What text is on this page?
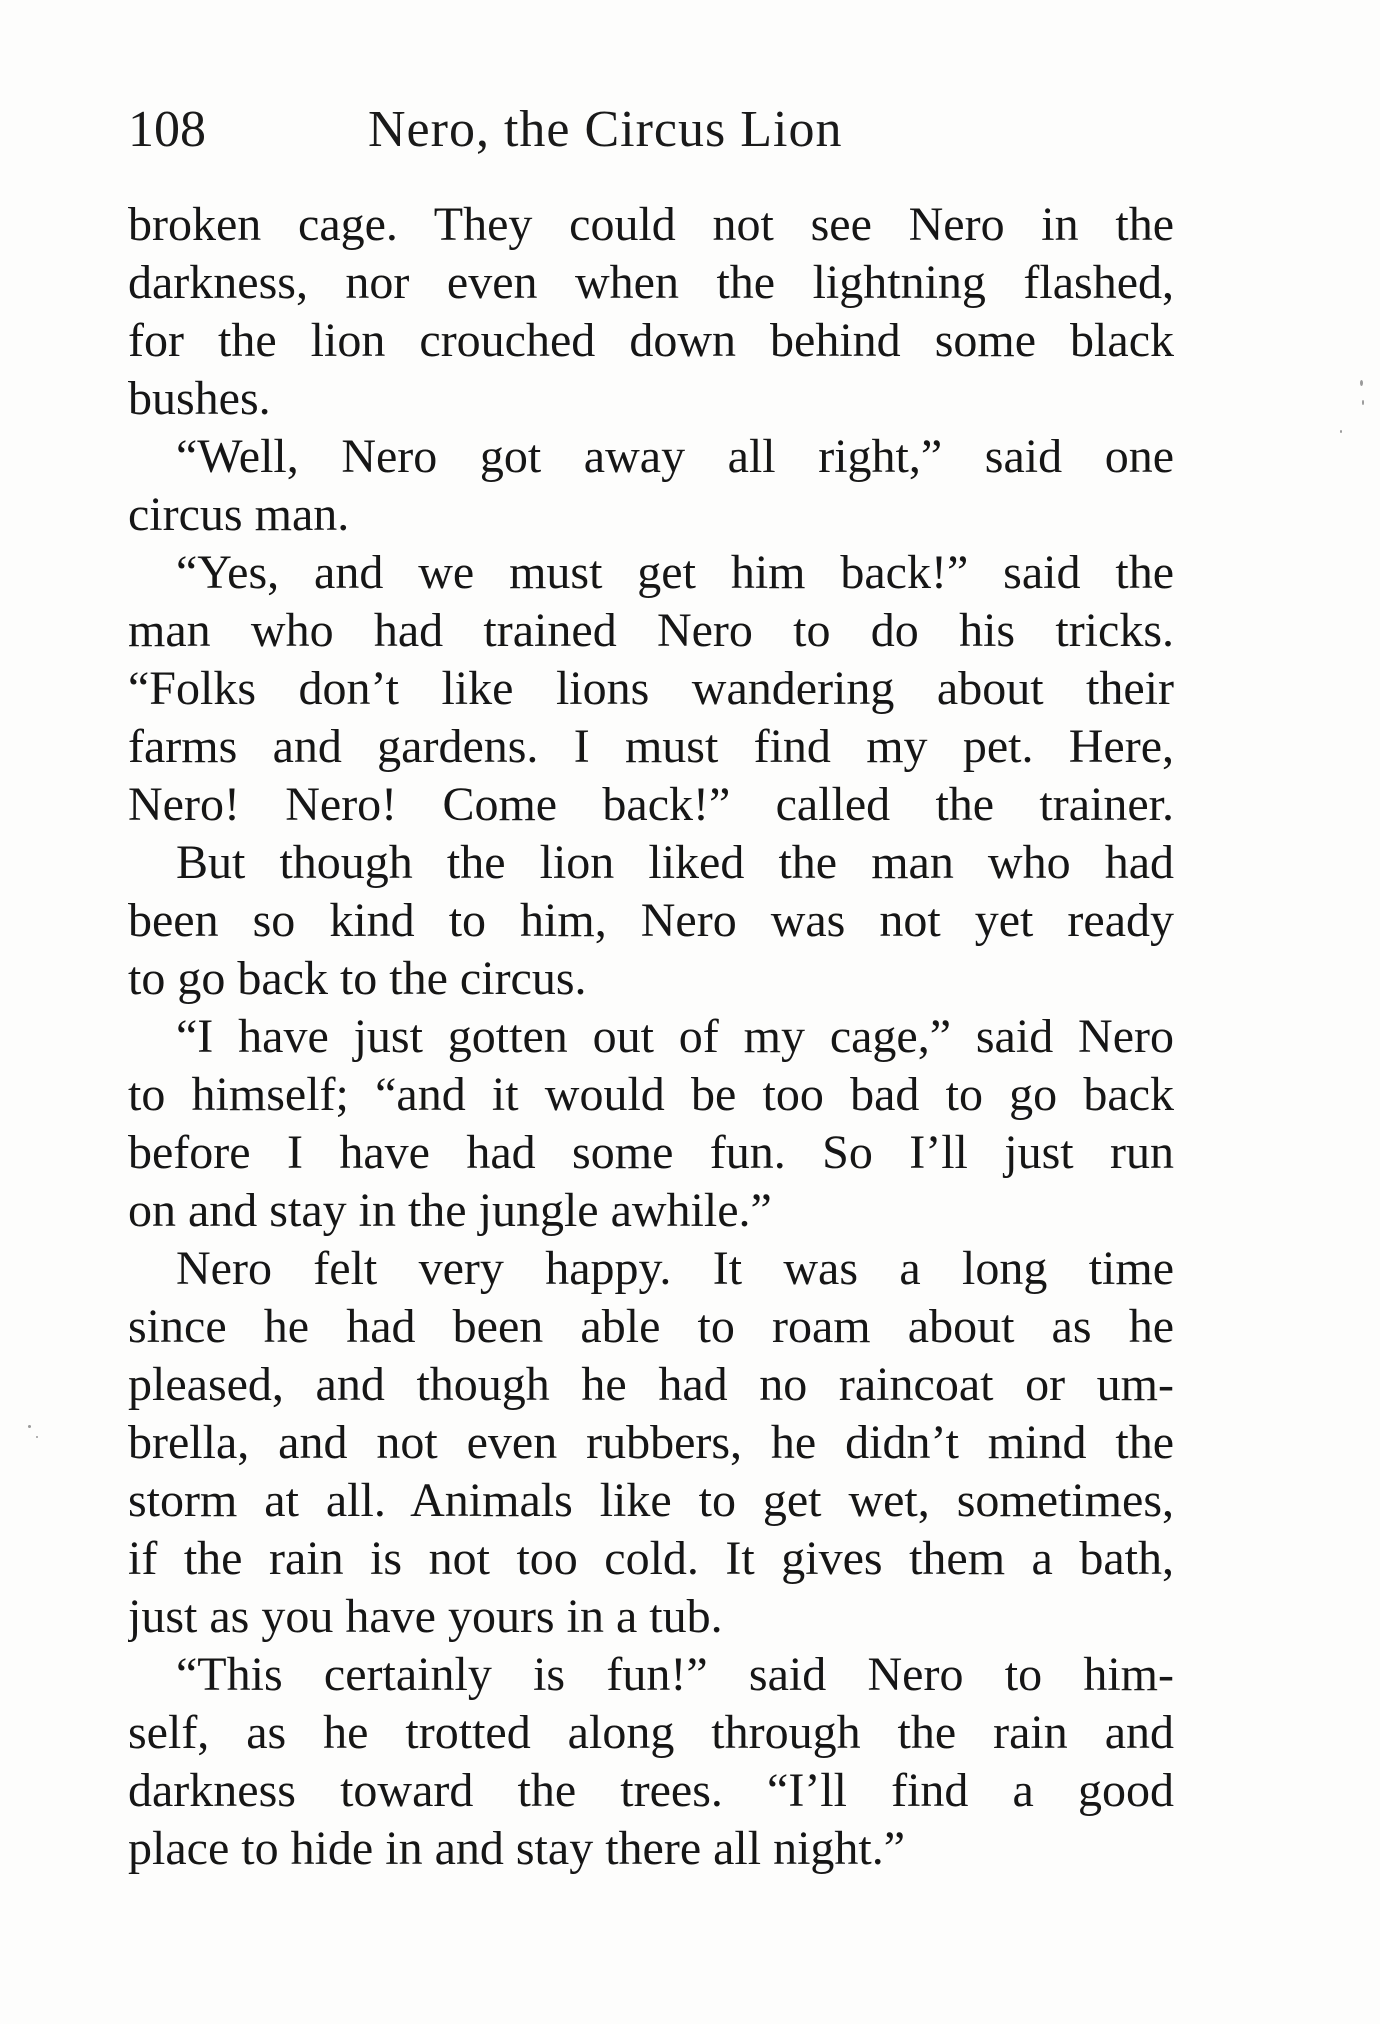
108	Nero, the Circus Lion
broken cage. They could not see Nero in the
darkness, nor even when the lightning flashed,
for the lion crouched down behind some black
bushes.
“Well, Nero got away all right,” said one
circus man.
“Yes, and we must get him back!” said the
man who had trained Nero to do his tricks.
“Folks don’t like lions wandering about their
farms and gardens. I must find my pet. Here,
Nero! Nero! Come back!” called the trainer.
But though the lion liked the man who had
been so kind to him, Nero was not yet ready
to go back to the circus.
“I have just gotten out of my cage,” said Nero
to himself; “and it would be too bad to go back
before I have had some fun. So I’ll just run
on and stay in the jungle awhile.”
Nero felt very happy. It was a long time
since he had been able to roam about as he
pleased, and though he had no raincoat or um-
brella, and not even rubbers, he didn’t mind the
storm at all. Animals like to get wet, sometimes,
if the rain is not too cold. It gives them a bath,
just as you have yours in a tub.
“This certainly is fun!” said Nero to him-
self, as he trotted along through the rain and
darkness toward the trees. “I’ll find a good
place to hide in and stay there all night.”
